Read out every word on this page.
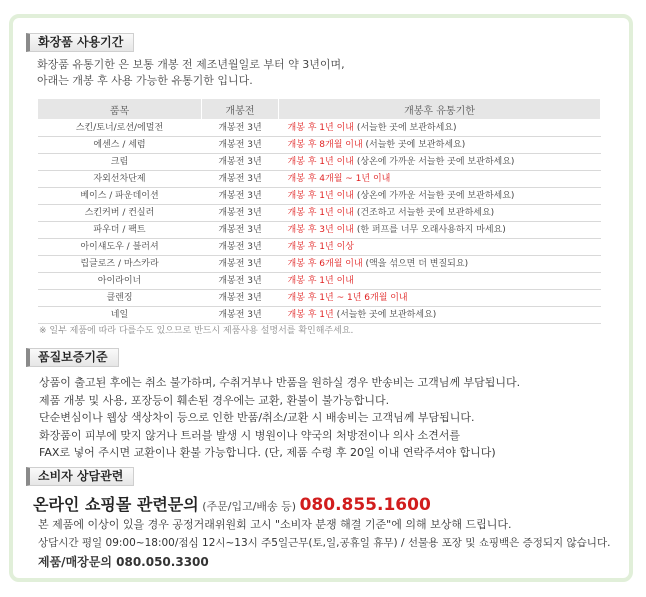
화장품 사용기간
화장품 유통기한 은 보통 개봉 전 제조년월일로 부터 약 3년이며,
아래는 개봉 후 사용 가능한 유통기한 입니다.
품목	개봉전	개봉후 유통기한
스킨/토너/로션/에멀전	개봉전 3년	개봉 후 1년 이내 (서늘한 곳에 보관하세요)
에센스 / 세럼	개봉전 3년	개봉 후 8개월 이내 (서늘한 곳에 보관하세요)
크림	개봉전 3년	개봉 후 1년 이내 (상온에 가까운 서늘한 곳에 보관하세요)
자외선차단제	개봉전 3년	개봉 후 4개월 ~ 1년 이내
베이스 / 파운데이션	개봉전 3년	개봉 후 1년 이내 (상온에 가까운 서늘한 곳에 보관하세요)
스킨커버 / 컨실러	개봉전 3년	개봉 후 1년 이내 (건조하고 서늘한 곳에 보관하세요)
파우더 / 팩트	개봉전 3년	개봉 후 3년 이내 (한 퍼프를 너무 오래사용하지 마세요)
아이섀도우 / 블러셔	개봉전 3년	개봉 후 1년 이상
립글로즈 / 마스카라	개봉전 3년	개봉 후 6개월 이내 (액을 섞으면 더 변질되요)
아이라이너	개봉전 3년	개봉 후 1년 이내
클렌징	개봉전 3년	개봉 후 1년 ~ 1년 6개월 이내
네일	개봉전 3년	개봉 후 1년 (서늘한 곳에 보관하세요)
※ 일부 제품에 따라 다를수도 있으므로 반드시 제품사용 설명서를 확인해주세요.
품질보증기준
상품이 출고된 후에는 취소 불가하며, 수취거부나 반품을 원하실 경우 반송비는 고객님께 부담됩니다.
제품 개봉 및 사용, 포장등이 훼손된 경우에는 교환, 환불이 불가능합니다.
단순변심이나 웹상 색상차이 등으로 인한 반품/취소/교환 시 배송비는 고객님께 부담됩니다.
화장품이 피부에 맞지 않거나 트러블 발생 시 병원이나 약국의 처방전이나 의사 소견서를
FAX로 넣어 주시면 교환이나 환불 가능합니다. (단, 제품 수령 후 20일 이내 연락주셔야 합니다)
소비자 상담관련
온라인 쇼핑몰 관련문의 (주문/입고/배송 등) 080.855.1600
본 제품에 이상이 있을 경우 공정거래위원회 고시 "소비자 분쟁 해결 기준"에 의해 보상해 드립니다.
상담시간 평일 09:00~18:00/점심 12시~13시 주5일근무(토,일,공휴일 휴무) / 선물용 포장 및 쇼핑백은 증정되지 않습니다.
제품/매장문의 080.050.3300
